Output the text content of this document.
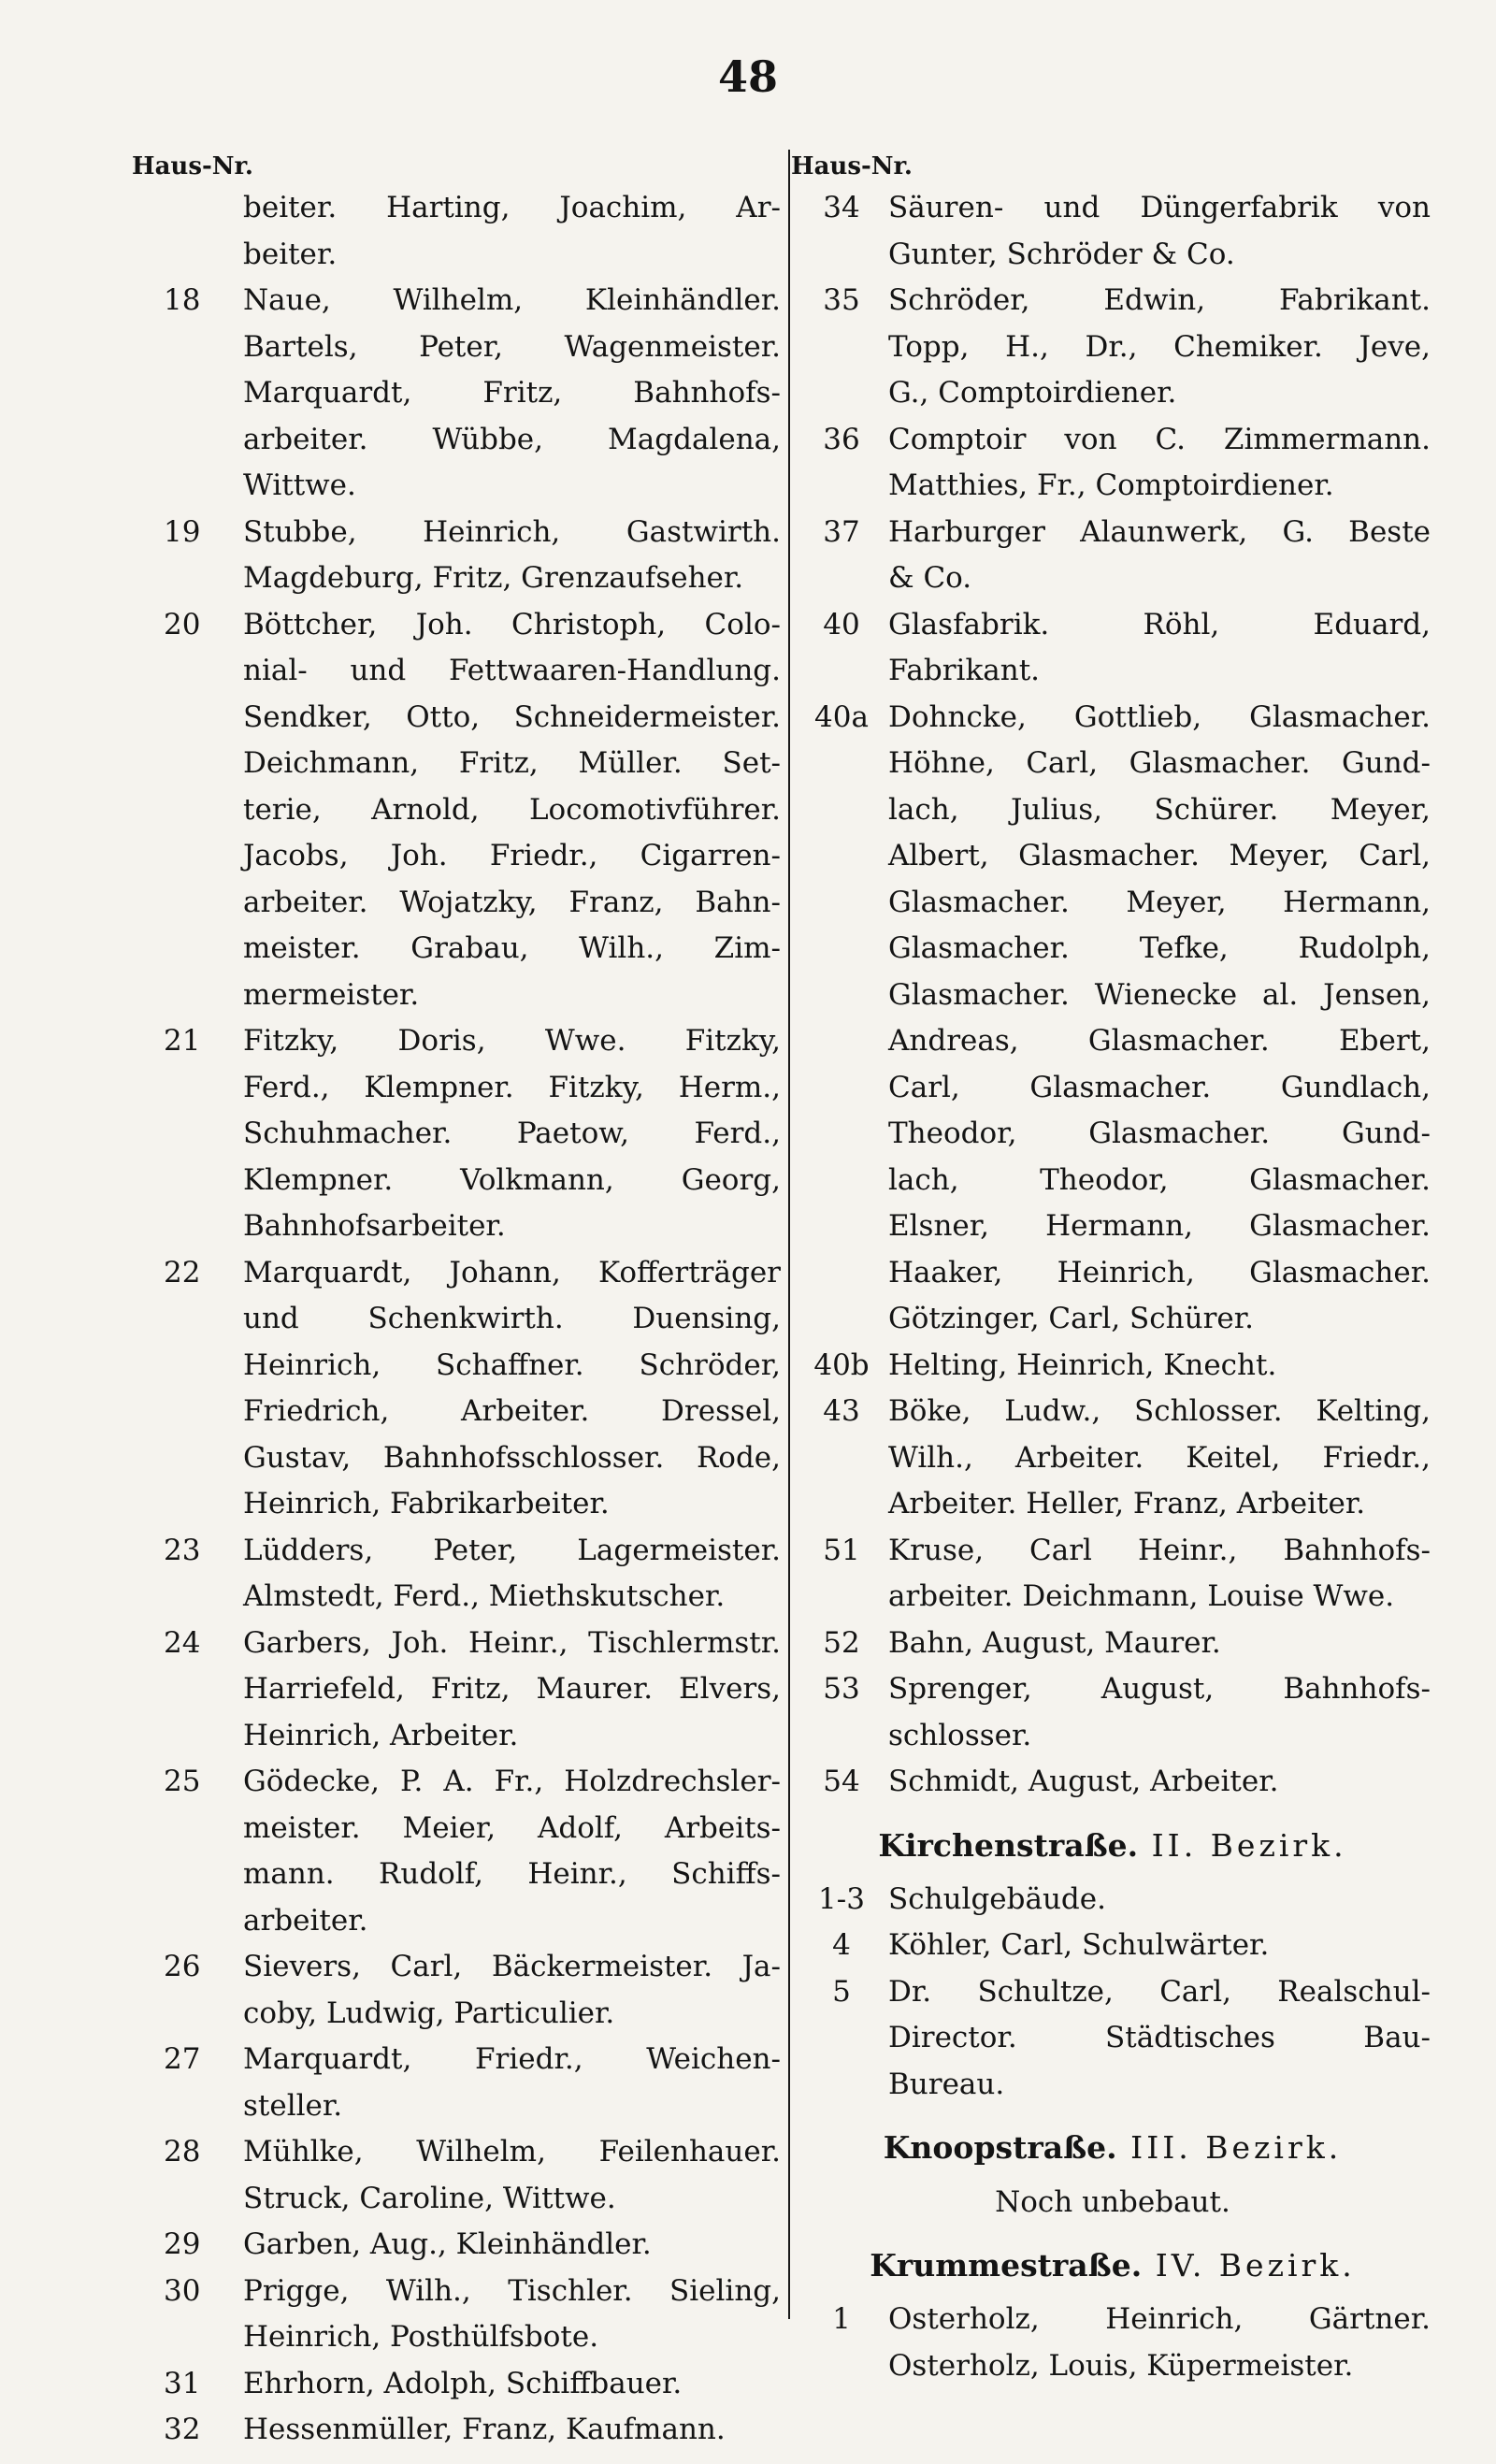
48
Haus-Nr.
beiter. Harting, Joachim, Ar-
beiter.
18	Naue, Wilhelm, Kleinhändler.
Bartels, Peter, Wagenmeister.
Marquardt, Fritz, Bahnhofs-
arbeiter. Wübbe, Magdalena,
Wittwe.
19	Stubbe, Heinrich, Gastwirth.
Magdeburg, Fritz, Grenzaufseher.
20	Böttcher, Joh. Christoph, Colo-
nial- und Fettwaaren-Handlung.
Sendker, Otto, Schneidermeister.
Deichmann, Fritz, Müller. Set-
terie, Arnold, Locomotivführer.
Jacobs, Joh. Friedr., Cigarren-
arbeiter. Wojatzky, Franz, Bahn-
meister. Grabau, Wilh., Zim-
mermeister.
21	Fitzky, Doris, Wwe. Fitzky,
Ferd., Klempner. Fitzky, Herm.,
Schuhmacher. Paetow, Ferd.,
Klempner. Volkmann, Georg,
Bahnhofsarbeiter.
22	Marquardt, Johann, Kofferträger
und Schenkwirth. Duensing,
Heinrich, Schaffner. Schröder,
Friedrich, Arbeiter. Dressel,
Gustav, Bahnhofsschlosser. Rode,
Heinrich, Fabrikarbeiter.
23	Lüdders, Peter, Lagermeister.
Almstedt, Ferd., Miethskutscher.
24	Garbers, Joh. Heinr., Tischlermstr.
Harriefeld, Fritz, Maurer. Elvers,
Heinrich, Arbeiter.
25	Gödecke, P. A. Fr., Holzdrechsler-
meister. Meier, Adolf, Arbeits-
mann. Rudolf, Heinr., Schiffs-
arbeiter.
26	Sievers, Carl, Bäckermeister. Ja-
coby, Ludwig, Particulier.
27	Marquardt, Friedr., Weichen-
steller.
28	Mühlke, Wilhelm, Feilenhauer.
Struck, Caroline, Wittwe.
29	Garben, Aug., Kleinhändler.
30	Prigge, Wilh., Tischler. Sieling,
Heinrich, Posthülfsbote.
31	Ehrhorn, Adolph, Schiffbauer.
32	Hessenmüller, Franz, Kaufmann.
Haus-Nr.
34 Säuren- und Düngerfabrik von
Gunter, Schröder & Co.
35 Schröder, Edwin, Fabrikant.
Topp, H., Dr., Chemiker. Jeve,
G., Comptoirdiener.
36 Comptoir von C. Zimmermann.
Matthies, Fr., Comptoirdiener.
37 Harburger Alaunwerk, G. Beste
& Co.
40 Glasfabrik. Röhl, Eduard,
Fabrikant.
40a Dohncke, Gottlieb, Glasmacher.
Höhne, Carl, Glasmacher. Gund-
lach, Julius, Schürer. Meyer,
Albert, Glasmacher. Meyer, Carl,
Glasmacher. Meyer, Hermann,
Glasmacher. Tefke, Rudolph,
Glasmacher. Wienecke al. Jensen,
Andreas, Glasmacher. Ebert,
Carl, Glasmacher. Gundlach,
Theodor, Glasmacher. Gund-
lach, Theodor, Glasmacher.
Elsner, Hermann, Glasmacher.
Haaker, Heinrich, Glasmacher.
Götzinger, Carl, Schürer.
40b Helting, Heinrich, Knecht.
43 Böke, Ludw., Schlosser. Kelting,
Wilh., Arbeiter. Keitel, Friedr.,
Arbeiter. Heller, Franz, Arbeiter.
51 Kruse, Carl Heinr., Bahnhofs-
arbeiter. Deichmann, Louise Wwe.
52 Bahn, August, Maurer.
53 Sprenger, August, Bahnhofs-
schlosser.
54 Schmidt, August, Arbeiter.
Kirchenstraße. II. Bezirk.
1-3 Schulgebäude.
4	Köhler, Carl, Schulwärter.
5	Dr. Schultze, Carl, Realschul-
Director. Städtisches Bau-
Bureau.
Knoopstraße. III. Bezirk.
Noch unbebaut.
Krummestraße. IV. Bezirk.
1	Osterholz, Heinrich, Gärtner.
Osterholz, Louis, Küpermeister.
